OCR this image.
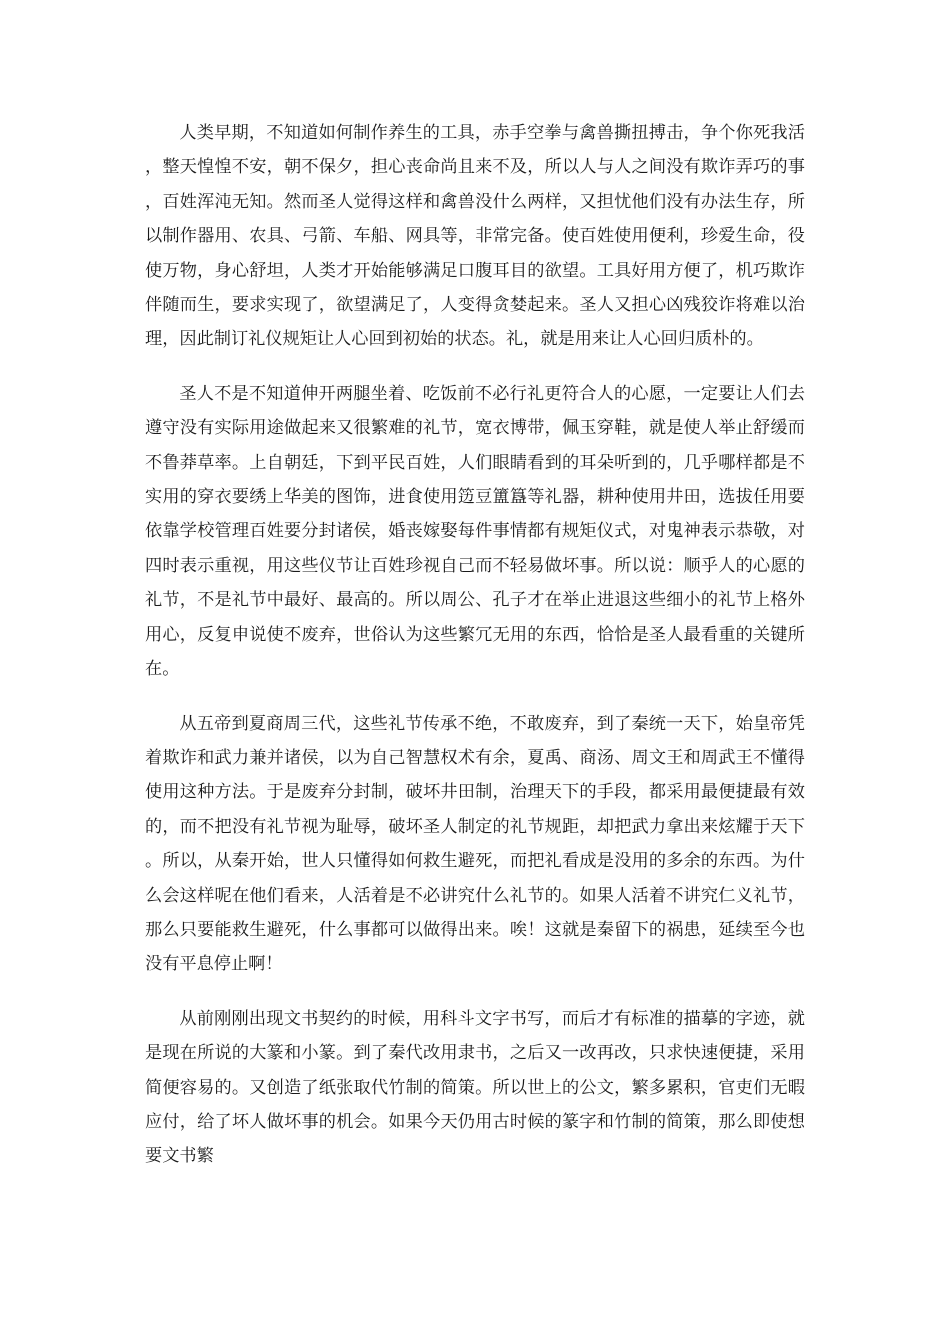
人类早期，不知道如何制作养生的工具，赤手空拳与禽兽撕扭搏击，争个你死我活，整天惶惶不安，朝不保夕，担心丧命尚且来不及，所以人与人之间没有欺诈弄巧的事，百姓浑沌无知。然而圣人觉得这样和禽兽没什么两样，又担忧他们没有办法生存，所以制作器用、农具、弓箭、车船、网具等，非常完备。使百姓使用便利，珍爱生命，役使万物，身心舒坦，人类才开始能够满足口腹耳目的欲望。工具好用方便了，机巧欺诈伴随而生，要求实现了，欲望满足了，人变得贪婪起来。圣人又担心凶残狡诈将难以治理，因此制订礼仪规矩让人心回到初始的状态。礼，就是用来让人心回归质朴的。

圣人不是不知道伸开两腿坐着、吃饭前不必行礼更符合人的心愿，一定要让人们去遵守没有实际用途做起来又很繁难的礼节，宽衣博带，佩玉穿鞋，就是使人举止舒缓而不鲁莽草率。上自朝廷，下到平民百姓，人们眼睛看到的耳朵听到的，几乎哪样都是不实用的穿衣要绣上华美的图饰，进食使用笾豆簠簋等礼器，耕种使用井田，选拔任用要依靠学校管理百姓要分封诸侯，婚丧嫁娶每件事情都有规矩仪式，对鬼神表示恭敬，对四时表示重视，用这些仪节让百姓珍视自己而不轻易做坏事。所以说：顺乎人的心愿的礼节，不是礼节中最好、最高的。所以周公、孔子才在举止进退这些细小的礼节上格外用心，反复申说使不废弃，世俗认为这些繁冗无用的东西，恰恰是圣人最看重的关键所在。

从五帝到夏商周三代，这些礼节传承不绝，不敢废弃，到了秦统一天下，始皇帝凭着欺诈和武力兼并诸侯，以为自己智慧权术有余，夏禹、商汤、周文王和周武王不懂得使用这种方法。于是废弃分封制，破坏井田制，治理天下的手段，都采用最便捷最有效的，而不把没有礼节视为耻辱，破坏圣人制定的礼节规距，却把武力拿出来炫耀于天下。所以，从秦开始，世人只懂得如何救生避死，而把礼看成是没用的多余的东西。为什么会这样呢在他们看来，人活着是不必讲究什么礼节的。如果人活着不讲究仁义礼节，那么只要能救生避死，什么事都可以做得出来。唉！这就是秦留下的祸患，延续至今也没有平息停止啊！

从前刚刚出现文书契约的时候，用科斗文字书写，而后才有标准的描摹的字迹，就是现在所说的大篆和小篆。到了秦代改用隶书，之后又一改再改，只求快速便捷，采用简便容易的。又创造了纸张取代竹制的简策。所以世上的公文，繁多累积，官吏们无暇应付，给了坏人做坏事的机会。如果今天仍用古时候的篆字和竹制的简策，那么即使想要文书繁
